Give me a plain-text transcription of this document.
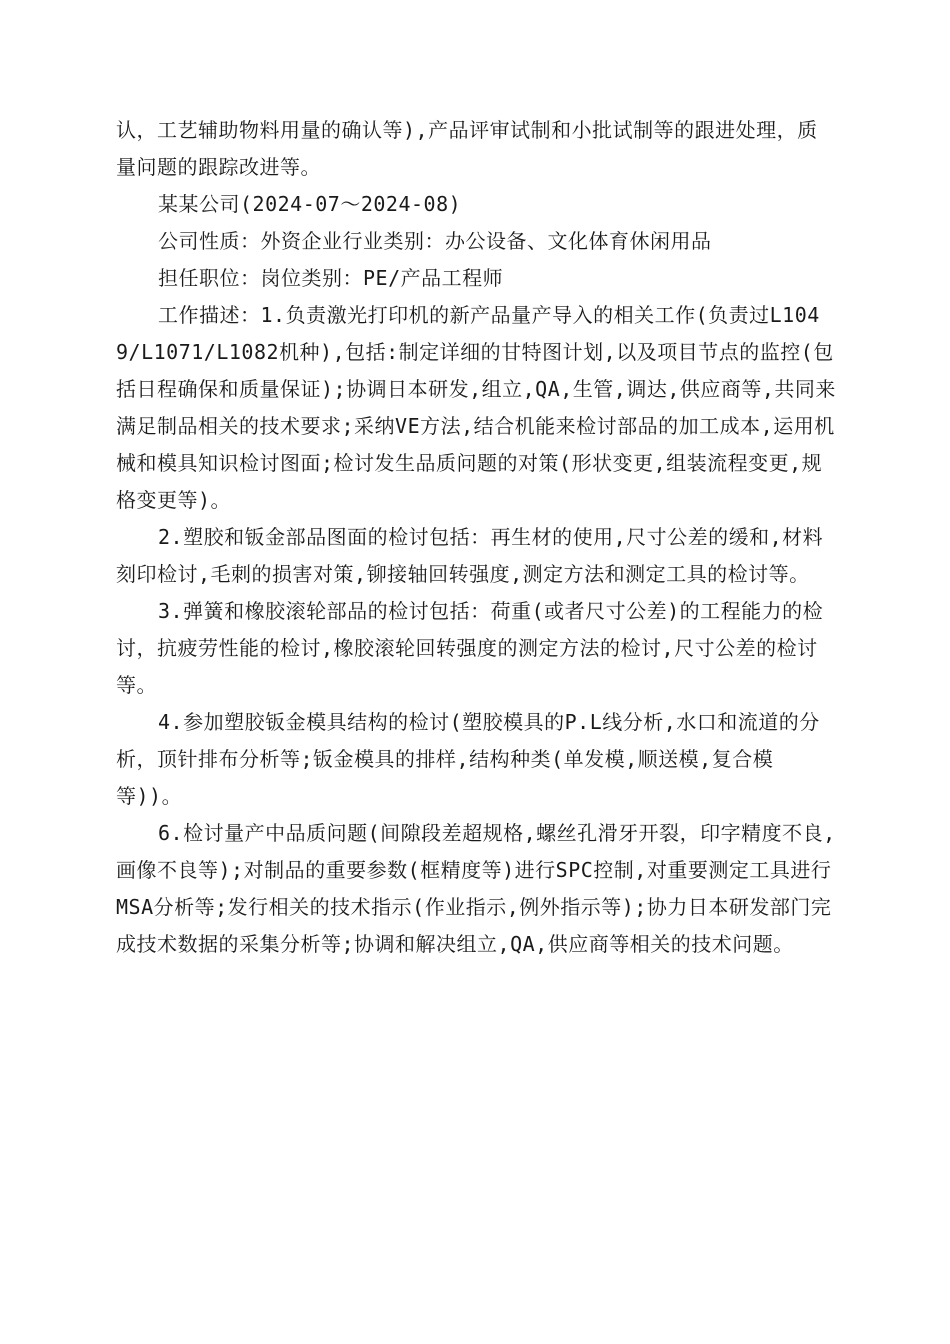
认，工艺辅助物料用量的确认等),产品评审试制和小批试制等的跟进处理，质量问题的跟踪改进等。

某某公司(2024-07～2024-08)

公司性质：外资企业行业类别：办公设备、文化体育休闲用品

担任职位：岗位类别：PE/产品工程师

工作描述：1.负责激光打印机的新产品量产导入的相关工作(负责过L1049/L1071/L1082机种),包括:制定详细的甘特图计划,以及项目节点的监控(包括日程确保和质量保证);协调日本研发,组立,QA,生管,调达,供应商等,共同来满足制品相关的技术要求;采纳VE方法,结合机能来检讨部品的加工成本,运用机械和模具知识检讨图面;检讨发生品质问题的对策(形状变更,组装流程变更,规格变更等)。

2.塑胶和钣金部品图面的检讨包括：再生材的使用,尺寸公差的缓和,材料刻印检讨,毛刺的损害对策,铆接轴回转强度,测定方法和测定工具的检讨等。

3.弹簧和橡胶滚轮部品的检讨包括：荷重(或者尺寸公差)的工程能力的检讨，抗疲劳性能的检讨,橡胶滚轮回转强度的测定方法的检讨,尺寸公差的检讨等。

4.参加塑胶钣金模具结构的检讨(塑胶模具的P.L线分析,水口和流道的分析，顶针排布分析等;钣金模具的排样,结构种类(单发模,顺送模,复合模等))。

6.检讨量产中品质问题(间隙段差超规格,螺丝孔滑牙开裂，印字精度不良,画像不良等);对制品的重要参数(框精度等)进行SPC控制,对重要测定工具进行MSA分析等;发行相关的技术指示(作业指示,例外指示等);协力日本研发部门完成技术数据的采集分析等;协调和解决组立,QA,供应商等相关的技术问题。
